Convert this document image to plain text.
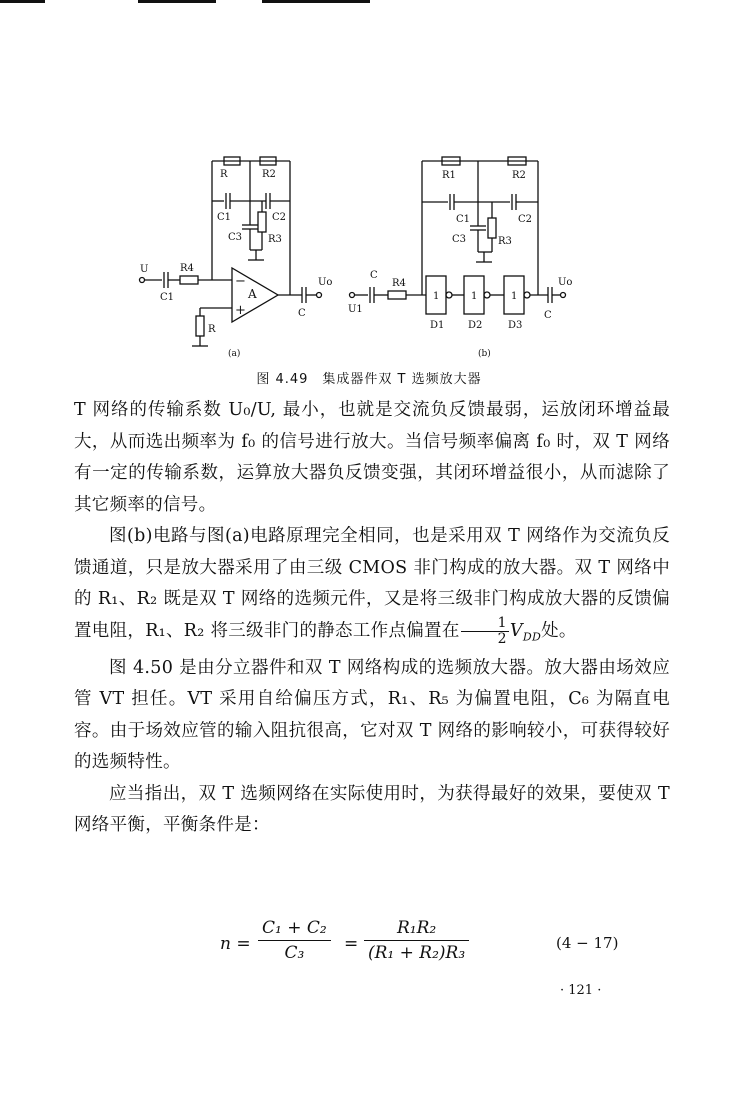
R	R2
C1	C2
C3	R3
U	R4
C1	A
−
+
Uo
C
R
(a)
R1	R2
C1	C2
C3	R3
C
R4
U1
1	1	1
D1 D2	D3
Uo
C
(b)
图 4.49　集成器件双 T 选频放大器

T 网络的传输系数 U₀/U, 最小，也就是交流负反馈最弱，运放闭环增益最大，从而选出频率为 f₀ 的信号进行放大。当信号频率偏离 f₀ 时，双 T 网络有一定的传输系数，运算放大器负反馈变强，其闭环增益很小，从而滤除了其它频率的信号。

图(b)电路与图(a)电路原理完全相同，也是采用双 T 网络作为交流负反馈通道，只是放大器采用了由三级 CMOS 非门构成的放大器。双 T 网络中的 R₁、R₂ 既是双 T 网络的选频元件，又是将三级非门构成放大器的反馈偏置电阻，R₁、R₂ 将三级非门的静态工作点偏置在 $\frac{1}{2} V_{DD}$处。

图 4.50 是由分立器件和双 T 网络构成的选频放大器。放大器由场效应管 VT 担任。VT 采用自给偏压方式，R₁、R₅ 为偏置电阻，C₆ 为隔直电容。由于场效应管的输入阻抗很高，它对双 T 网络的影响较小，可获得较好的选频特性。

应当指出，双 T 选频网络在实际使用时，为获得最好的效果，要使双 T 网络平衡，平衡条件是：

$n = \frac{\text{C₁ + C₂}}{\text{C₃}} = \frac{\text{R₁R₂}}{\text{(R₁ + R₂)R₃}}$	(4 − 17)
· 121 ·
